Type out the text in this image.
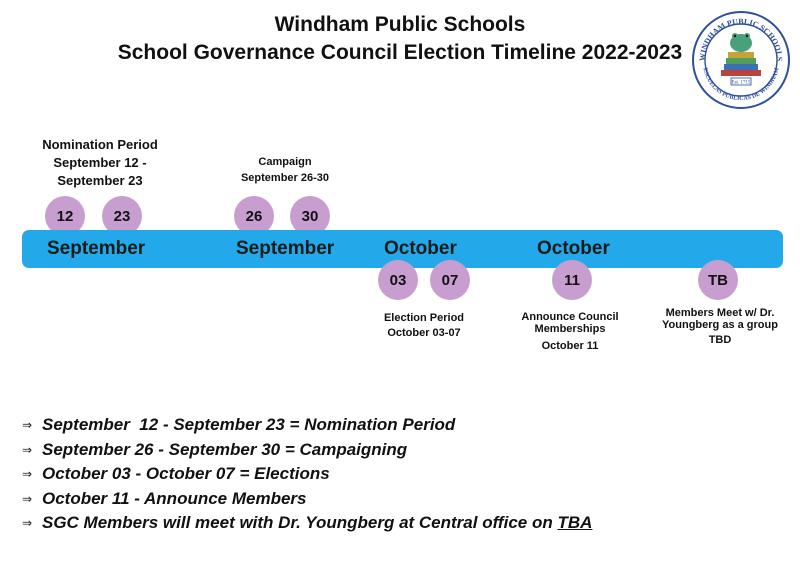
Windham Public Schools
School Governance Council Election Timeline 2022-2023	WINDHAM PUBLIC SCHOOLS
ESCUELAS PÚBLICAS DE WINDHAM
Est. 1715
Nomination Period
September 12 -
September 23
Campaign
September 26-30
12	23	26	30
September	September	October	October
03	07	11	TB
Election Period
October 03-07
Announce Council
Memberships
October 11
Members Meet w/ Dr.
Youngberg as a group
TBD
⇒ September  12 - September 23 = Nomination Period
⇒ September 26 - September 30 = Campaigning
⇒ October 03 - October 07 = Elections
⇒ October 11 - Announce Members
⇒ SGC Members will meet with Dr. Youngberg at Central office on TBA
